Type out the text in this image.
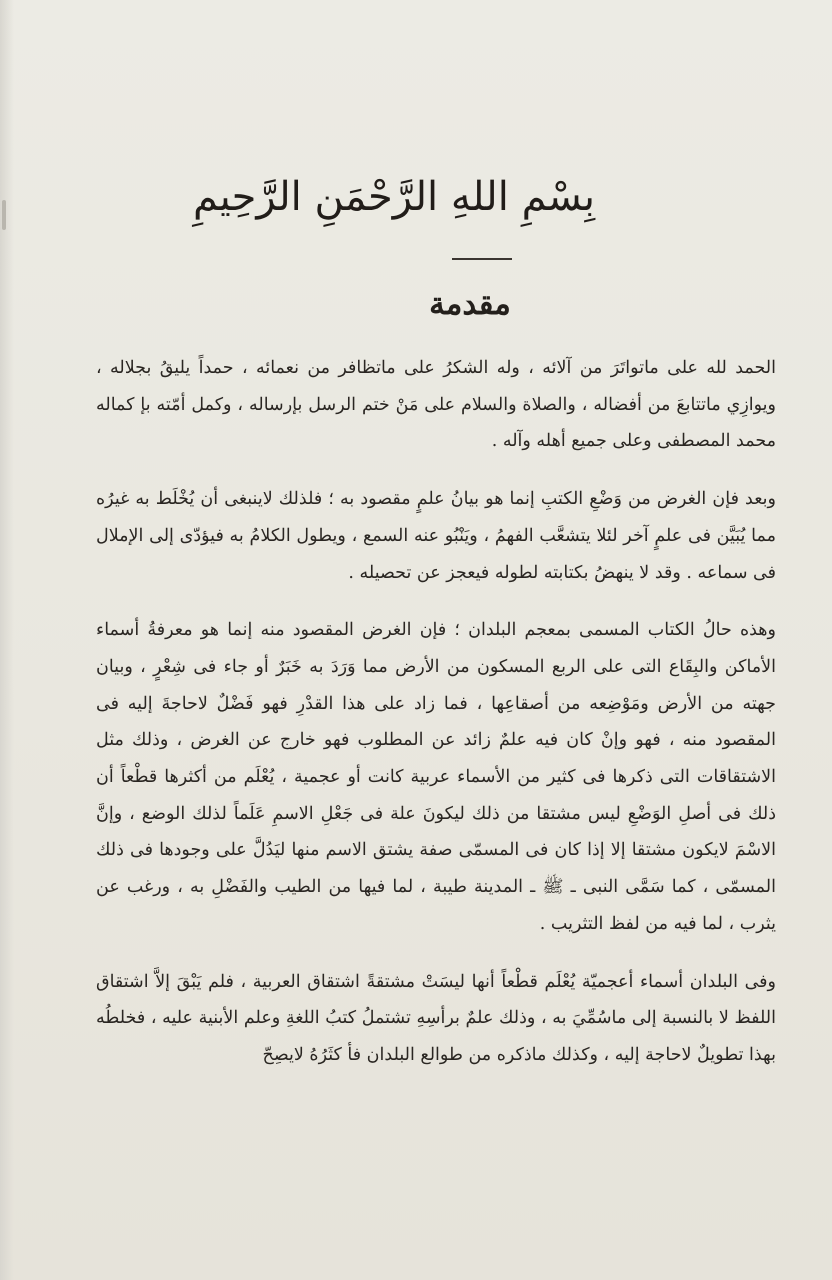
بِسْمِ اللهِ الرَّحْمَنِ الرَّحِيمِ
مقدمة

الحمد لله على ماتواتَرَ من آلائه ، وله الشكرُ على ماتظافر من نعمائه ، حمداً يليقُ بجلاله ، ويوازِي ماتتابعَ من أفضاله ، والصلاة والسلام على مَنْ ختم الرسل بإرساله ، وكمل أمّته بإ كماله محمد المصطفى وعلى جميع أهله وآله .

وبعد فإن الغرض من وَضْعِ الكتبِ إنما هو بيانُ علمٍ مقصود به ؛ فلذلك لاينبغى أن يُخْلَط به غيرُه مما يُبَيَّن فى علمٍ آخر لئلا يتشعَّب الفهمُ ، ويَنْبُو عنه السمع ، ويطول الكلامُ به فيؤدّى إلى الإملال فى سماعه . وقد لا ينهضُ بكتابته لطوله فيعجز عن تحصيله .

وهذه حالُ الكتاب المسمى بمعجم البلدان ؛ فإن الغرض المقصود منه إنما هو معرفةُ أسماء الأماكن والبِقَاع التى على الربع المسكون من الأرض مما وَرَدَ به خَبَرٌ أو جاء فى شِعْرٍ ، وبيان جهته من الأرض ومَوْضِعه من أصقاعِها ، فما زاد على هذا القدْرِ فهو فَضْلٌ لاحاجةَ إليه فى المقصود منه ، فهو وإنْ كان فيه علمٌ زائد عن المطلوب فهو خارج عن الغرض ، وذلك مثل الاشتقاقات التى ذكرها فى كثير من الأسماء عربية كانت أو عجمية ، يُعْلَم من أكثرها قطْعاً أن ذلك فى أصلِ الوَضْعِ ليس مشتقا من ذلك ليكونَ علة فى جَعْلِ الاسمِ عَلَماً لذلك الوضع ، وإنَّ الاسْمَ لايكون مشتقا إلا إذا كان فى المسمّى صفة يشتق الاسم منها ليَدُلَّ على وجودها فى ذلك المسمّى ، كما سَمَّى النبى ـ ﷺ ـ المدينة طيبة ، لما فيها من الطيب والفَضْلِ به ، ورغب عن يثرب ، لما فيه من لفظ التثريب .

وفى البلدان أسماء أعجميّة يُعْلَم قطْعاً أنها ليسَتْ مشتقةً اشتقاق العربية ، فلم يَبْقَ إلاَّ اشتقاق اللفظ لا بالنسبة إلى ماسُمِّيَ به ، وذلك علمٌ برأسِهِ تشتملُ كتبُ اللغةِ وعلم الأبنية عليه ، فخلطُه بهذا تطويلٌ لاحاجة إليه ، وكذلك ماذكره من طوالع البلدان فأ كثَرُهُ لايصِحّ
